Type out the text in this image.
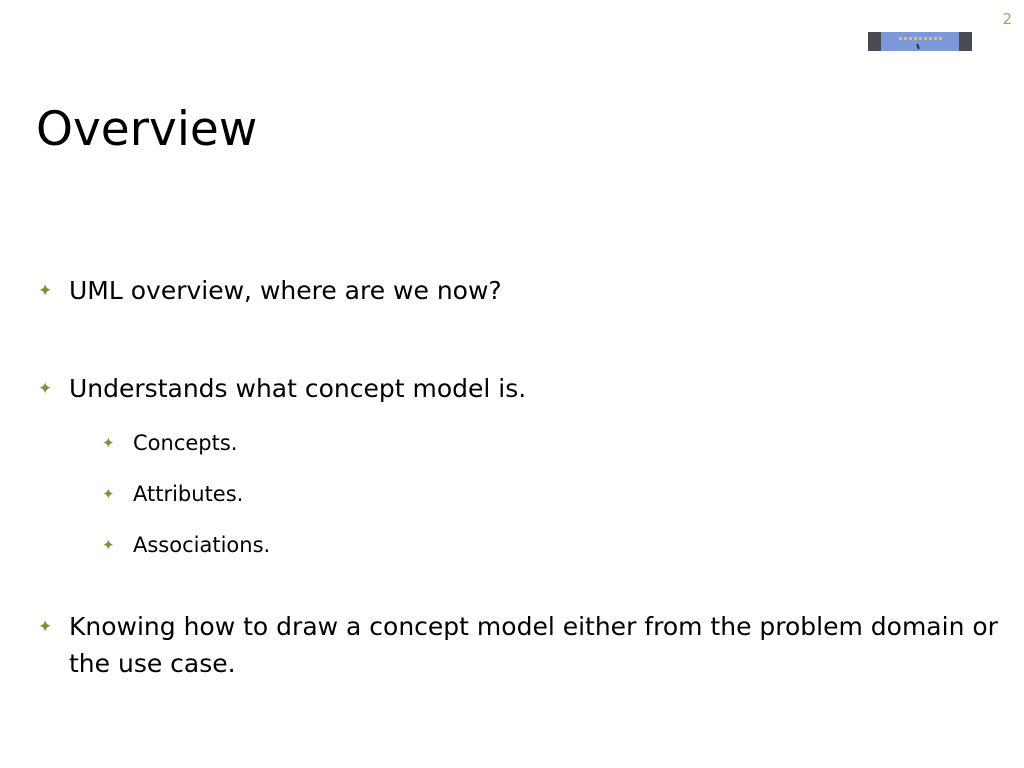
2
Overview
✦ UML overview, where are we now?
✦ Understands what concept model is.
✦ Concepts.
✦ Attributes.
✦ Associations.
✦ Knowing how to draw a concept model either from the problem domain or the use case.
